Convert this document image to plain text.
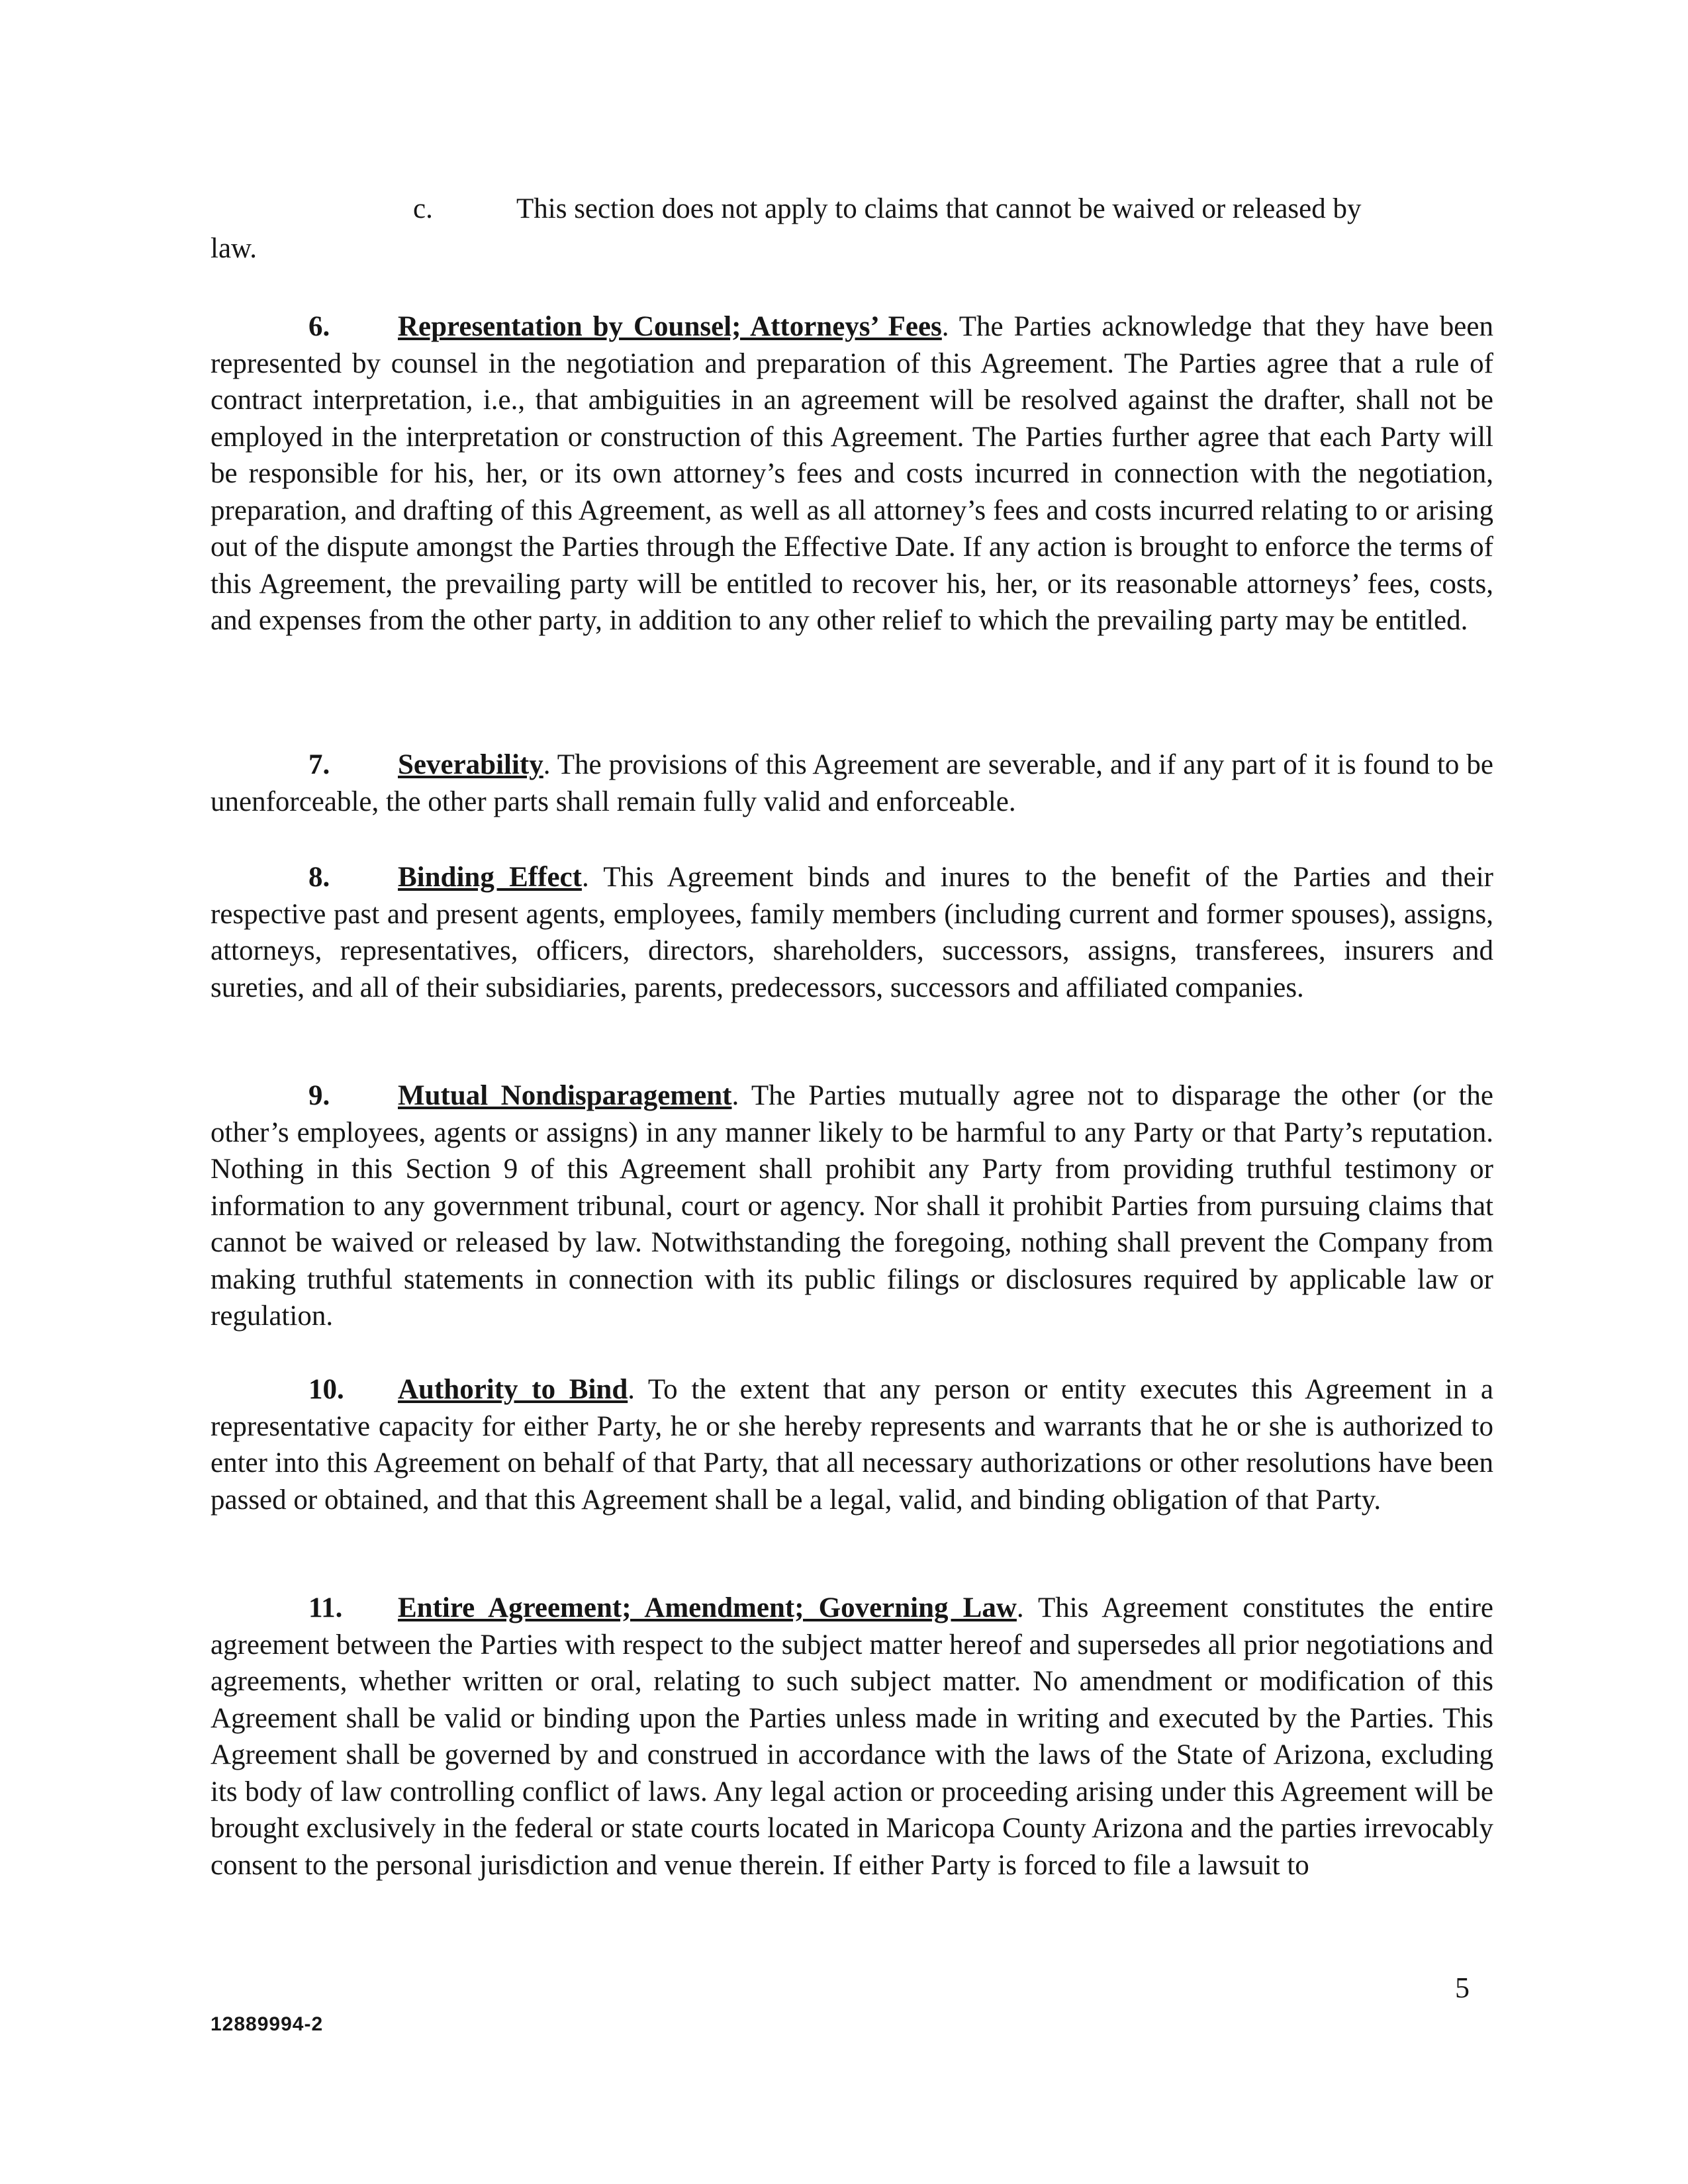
c.	This section does not apply to claims that cannot be waived or released by
law.

6. Representation by Counsel; Attorneys’ Fees. The Parties acknowledge that they have been represented by counsel in the negotiation and preparation of this Agreement. The Parties agree that a rule of contract interpretation, i.e., that ambiguities in an agreement will be resolved against the drafter, shall not be employed in the interpretation or construction of this Agreement. The Parties further agree that each Party will be responsible for his, her, or its own attorney’s fees and costs incurred in connection with the negotiation, preparation, and drafting of this Agreement, as well as all attorney’s fees and costs incurred relating to or arising out of the dispute amongst the Parties through the Effective Date. If any action is brought to enforce the terms of this Agreement, the prevailing party will be entitled to recover his, her, or its reasonable attorneys’ fees, costs, and expenses from the other party, in addition to any other relief to which the prevailing party may be entitled.

7. Severability. The provisions of this Agreement are severable, and if any part of it is found to be unenforceable, the other parts shall remain fully valid and enforceable.

8. Binding Effect. This Agreement binds and inures to the benefit of the Parties and their respective past and present agents, employees, family members (including current and former spouses), assigns, attorneys, representatives, officers, directors, shareholders, successors, assigns, transferees, insurers and sureties, and all of their subsidiaries, parents, predecessors, successors and affiliated companies.

9. Mutual Nondisparagement. The Parties mutually agree not to disparage the other (or the other’s employees, agents or assigns) in any manner likely to be harmful to any Party or that Party’s reputation. Nothing in this Section 9 of this Agreement shall prohibit any Party from providing truthful testimony or information to any government tribunal, court or agency. Nor shall it prohibit Parties from pursuing claims that cannot be waived or released by law. Notwithstanding the foregoing, nothing shall prevent the Company from making truthful statements in connection with its public filings or disclosures required by applicable law or regulation.

10. Authority to Bind. To the extent that any person or entity executes this Agreement in a representative capacity for either Party, he or she hereby represents and warrants that he or she is authorized to enter into this Agreement on behalf of that Party, that all necessary authorizations or other resolutions have been passed or obtained, and that this Agreement shall be a legal, valid, and binding obligation of that Party.

11. Entire Agreement; Amendment; Governing Law. This Agreement constitutes the entire agreement between the Parties with respect to the subject matter hereof and supersedes all prior negotiations and agreements, whether written or oral, relating to such subject matter. No amendment or modification of this Agreement shall be valid or binding upon the Parties unless made in writing and executed by the Parties. This Agreement shall be governed by and construed in accordance with the laws of the State of Arizona, excluding its body of law controlling conflict of laws. Any legal action or proceeding arising under this Agreement will be brought exclusively in the federal or state courts located in Maricopa County Arizona and the parties irrevocably consent to the personal jurisdiction and venue therein. If either Party is forced to file a lawsuit to

5
12889994-2
